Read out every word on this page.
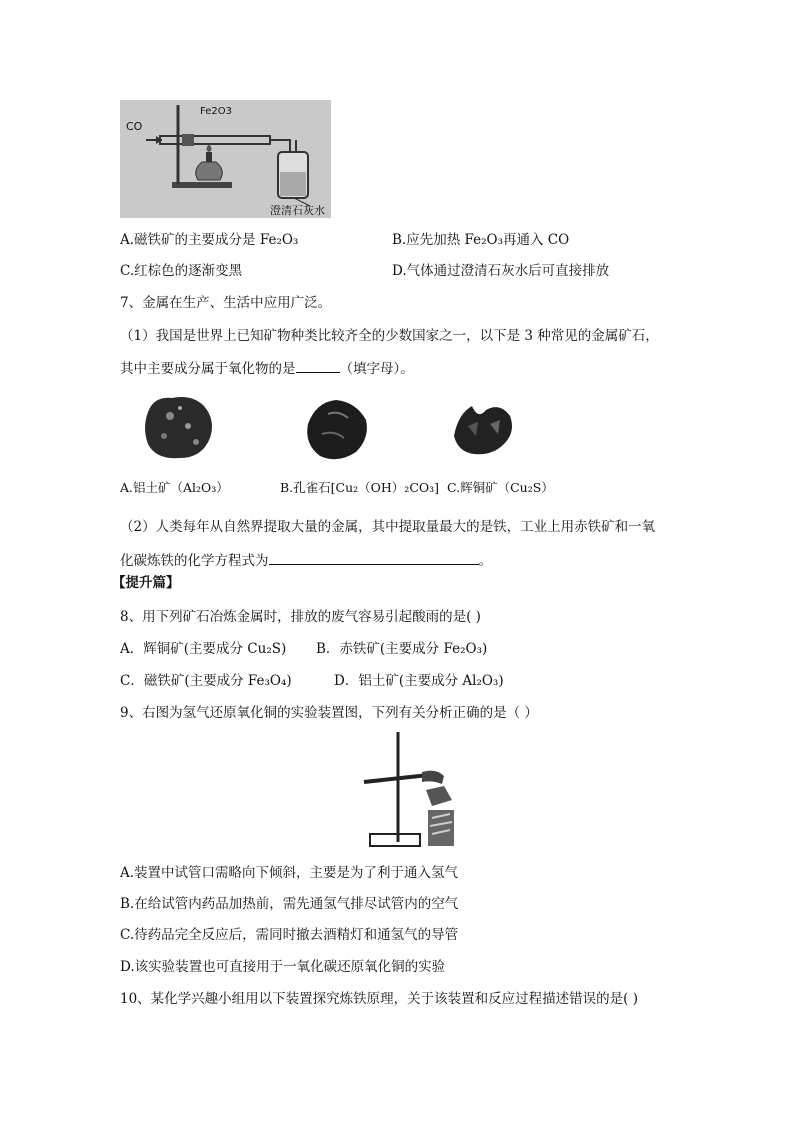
CO
Fe2O3
澄清石灰水
A.磁铁矿的主要成分是 Fe₂O₃	B.应先加热 Fe₂O₃再通入 CO
C.红棕色的逐渐变黑	D.气体通过澄清石灰水后可直接排放
7、金属在生产、生活中应用广泛。
（1）我国是世界上已知矿物种类比较齐全的少数国家之一，以下是 3 种常见的金属矿石，
其中主要成分属于氧化物的是	（填字母）。
A.铝土矿（Al₂O₃）	B.孔雀石[Cu₂（OH）₂CO₃] C.辉铜矿（Cu₂S）
（2）人类每年从自然界提取大量的金属，其中提取量最大的是铁，工业上用赤铁矿和一氧
化碳炼铁的化学方程式为	。
【提升篇】
8、用下列矿石冶炼金属时，排放的废气容易引起酸雨的是( )
A．辉铜矿(主要成分 Cu₂S) B．赤铁矿(主要成分 Fe₂O₃)
C．磁铁矿(主要成分 Fe₃O₄)	D．铝土矿(主要成分 Al₂O₃)
9、右图为氢气还原氧化铜的实验装置图，下列有关分析正确的是（ ）
A.装置中试管口需略向下倾斜，主要是为了利于通入氢气
B.在给试管内药品加热前，需先通氢气排尽试管内的空气
C.待药品完全反应后，需同时撤去酒精灯和通氢气的导管
D.该实验装置也可直接用于一氧化碳还原氧化铜的实验
10、某化学兴趣小组用以下装置探究炼铁原理，关于该装置和反应过程描述错误的是( )
